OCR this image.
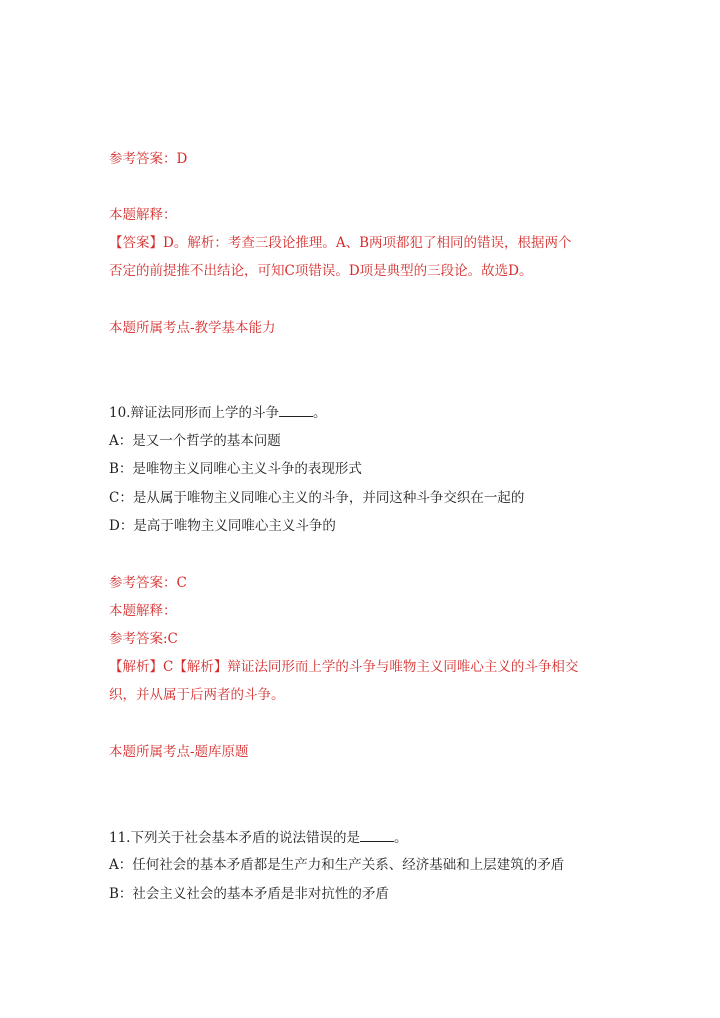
参考答案：D
本题解释：
【答案】D。解析：考查三段论推理。A、B两项都犯了相同的错误，根据两个
否定的前提推不出结论，可知C项错误。D项是典型的三段论。故选D。
本题所属考点-教学基本能力
10.辩证法同形而上学的斗争	。
A：是又一个哲学的基本问题
B：是唯物主义同唯心主义斗争的表现形式
C：是从属于唯物主义同唯心主义的斗争，并同这种斗争交织在一起的
D：是高于唯物主义同唯心主义斗争的
参考答案：C
本题解释：
参考答案:C
【解析】C【解析】辩证法同形而上学的斗争与唯物主义同唯心主义的斗争相交
织，并从属于后两者的斗争。
本题所属考点-题库原题
11.下列关于社会基本矛盾的说法错误的是	。
A：任何社会的基本矛盾都是生产力和生产关系、经济基础和上层建筑的矛盾
B：社会主义社会的基本矛盾是非对抗性的矛盾
